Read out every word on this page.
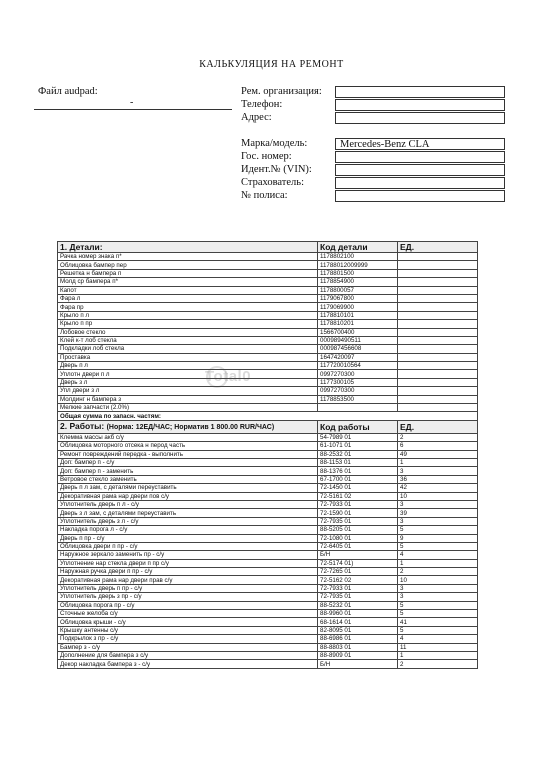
КАЛЬКУЛЯЦИЯ НА РЕМОНТ
Файл audpad:
-
Рем. организация:
Телефон:
Адрес:
Марка/модель:	Mercedes-Benz CLA
Гос. номер:
Идент.№ (VIN):
Страхователь:
№ полиса:
Total0
1. Детали:	Код детали	ЕД.
Рачка номер знака п*	1178802100	
Облицовка бампер пер	11788012009999	
Решетка н бампера п	1178801500	
Молд ср бампера п*	1178854900	
Капот	1178800057	
Фара л	1179067800	
Фара пр	1179069900	
Крыло п л	1178810101	
Крыло п пр	1178810201	
Лобовое стекло	1566700400	
Клей к-т лоб стекла	000989490511	
Подкладки лоб стекла	000987456608	
Проставка	1647420097	
Дверь п л	117720010564	
Уплотн двери п л	0997270300	
Дверь з л	1177300105	
Упл двери з л	0997270300	
Молдинг н бампера з	1178853500	
Мелкие запчасти (2.0%)		
Общая сумма по запасн. частям:		
2. Работы: (Норма: 12ЕД/ЧАС; Норматив 1 800.00 RUR/ЧАС)	Код работы	ЕД.
Клемма массы акб с/у	54-7989 01	2
Облицовка моторного отсека н перод часть	61-1071 01	6
Ремонт повреждений передка - выполнить	88-2532 01	49
Доп: бампер п - с/у	88-1153 01	1
Доп: бампер п - заменить	88-1376 01	3
Ветровое стекло заменить	67-1700 01	36
Дверь п л зам, с деталями переуставить	72-1450 01	42
Декоративная рама нар двери пов с/у	72-5161 02	10
Уплотнитель дверь п л - с/у	72-7933 01	3
Дверь з л зам, с деталями переуставить	72-1590 01	39
Уплотнитель дверь з л - с/у	72-7935 01	3
Накладка порога л - с/у	88-5205 01	5
Дверь п пр - с/у	72-1080 01	9
Облицовка двери п пр - с/у	72-6405 01	5
Наружное зеркало заменить пр - с/у	Б/Н	4
Уплотнение нар стекла двери п пр с/у	72-5174 01)	1
Наружная ручка двери п пр - с/у	72-7265 01	2
Декоративная рама нар двери прав с/у	72-5162 02	10
Уплотнитель дверь п пр - с/у	72-7933 01	3
Уплотнитель дверь з пр - с/у	72-7935 01	3
Облицовка порога пр - с/у	88-5232 01	5
Сточные желоба с/у	88-9960 01	5
Облицовка крыши - с/у	68-1614 01	41
Крышку антенны с/у	82-8095 01	5
Подкрылок з пр - с/у	88-6986 01	4
Бампер з - с/у	88-8803 01	11
Дополнение для бампера з с/у	88-8909 01	1
Декор накладка бампера з - с/у	Б/Н	2
